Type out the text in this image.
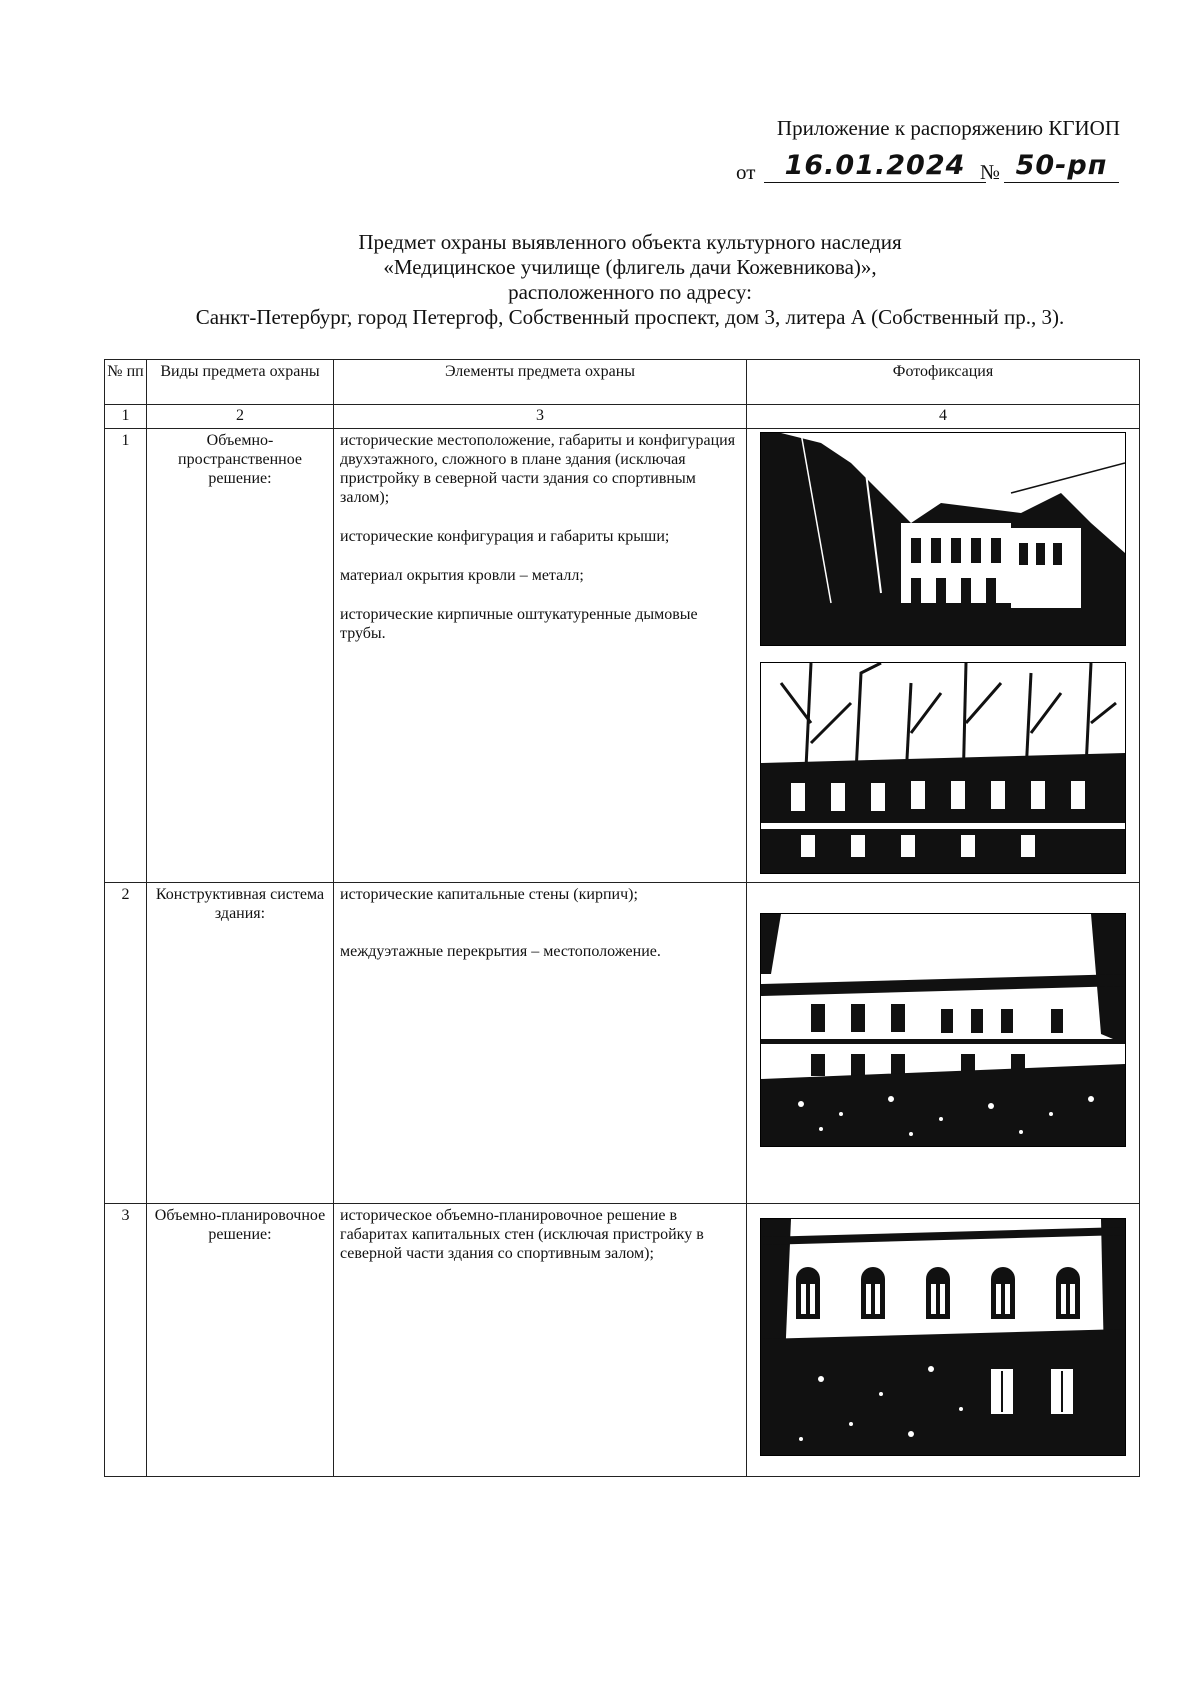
Приложение к распоряжению КГИОП
от	16.01.2024 № 50-рп
Предмет охраны выявленного объекта культурного наследия
«Медицинское училище (флигель дачи Кожевникова)»,
расположенного по адресу:
Санкт-Петербург, город Петергоф, Собственный проспект, дом 3, литера А (Собственный пр., 3).
№ пп	Виды предмета охраны	Элементы предмета охраны	Фотофиксация
1	2	3	4
1	Объемно-пространственное решение:	исторические местоположение, габариты и конфигурация двухэтажного, сложного в плане здания (исключая пристройку в северной части здания со спортивным залом);

исторические конфигурация и габариты крыши;

материал окрытия кровли – металл;

исторические кирпичные оштукатуренные дымовые трубы.

2	Конструктивная система здания:	исторические капитальные стены (кирпич);

междуэтажные перекрытия – местоположение.

3	Объемно-планировочное решение:	историческое объемно-планировочное решение в габаритах капитальных стен (исключая пристройку в северной части здания со спортивным залом);
